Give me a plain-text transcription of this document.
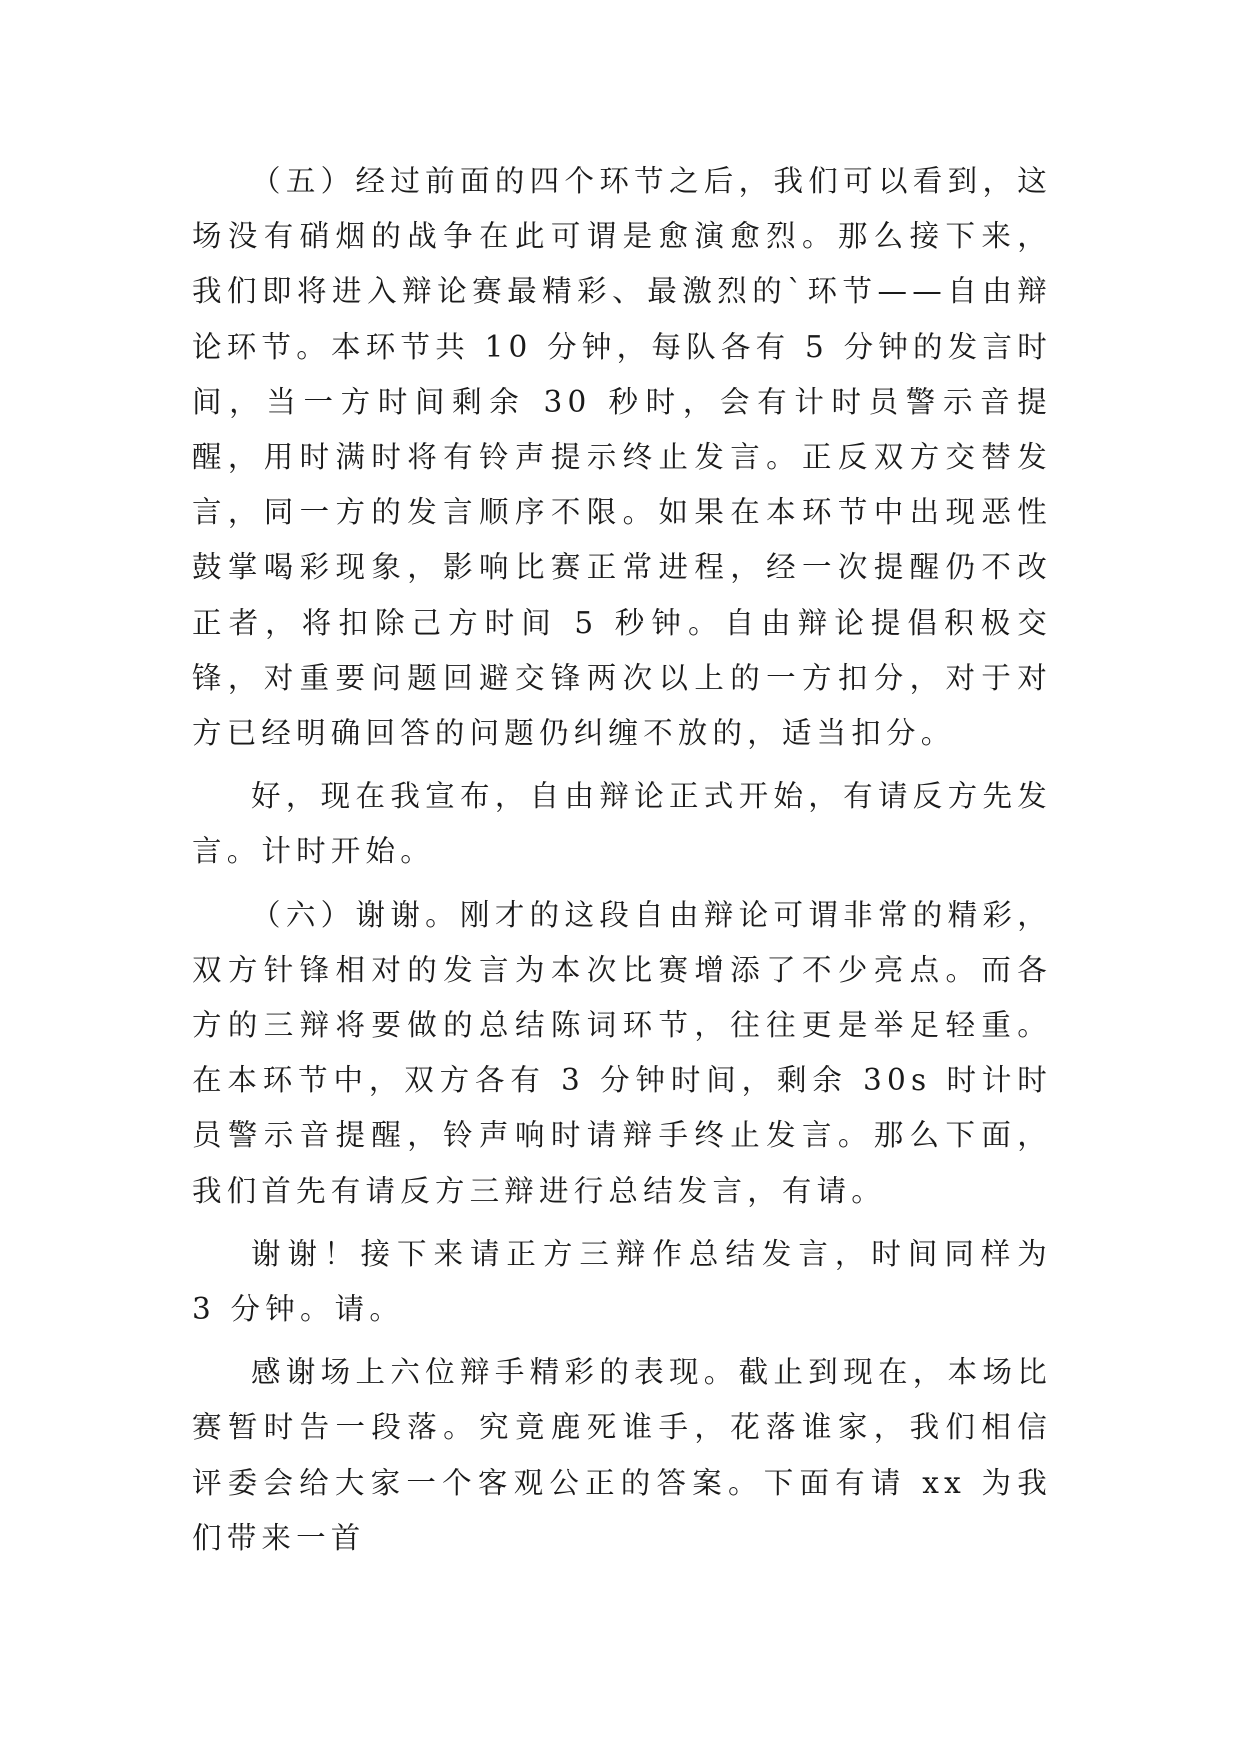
（五）经过前面的四个环节之后，我们可以看到，这场没有硝烟的战争在此可谓是愈演愈烈。那么接下来，我们即将进入辩论赛最精彩、最激烈的`环节——自由辩论环节。本环节共 10 分钟，每队各有 5 分钟的发言时间，当一方时间剩余 30 秒时，会有计时员警示音提醒，用时满时将有铃声提示终止发言。正反双方交替发言，同一方的发言顺序不限。如果在本环节中出现恶性鼓掌喝彩现象，影响比赛正常进程，经一次提醒仍不改正者，将扣除己方时间 5 秒钟。自由辩论提倡积极交锋，对重要问题回避交锋两次以上的一方扣分，对于对方已经明确回答的问题仍纠缠不放的，适当扣分。

好，现在我宣布，自由辩论正式开始，有请反方先发言。计时开始。

（六）谢谢。刚才的这段自由辩论可谓非常的精彩，双方针锋相对的发言为本次比赛增添了不少亮点。而各方的三辩将要做的总结陈词环节，往往更是举足轻重。在本环节中，双方各有 3 分钟时间，剩余 30s 时计时员警示音提醒，铃声响时请辩手终止发言。那么下面，我们首先有请反方三辩进行总结发言，有请。

谢谢！接下来请正方三辩作总结发言，时间同样为 3 分钟。请。

感谢场上六位辩手精彩的表现。截止到现在，本场比赛暂时告一段落。究竟鹿死谁手，花落谁家，我们相信评委会给大家一个客观公正的答案。下面有请 xx 为我们带来一首
